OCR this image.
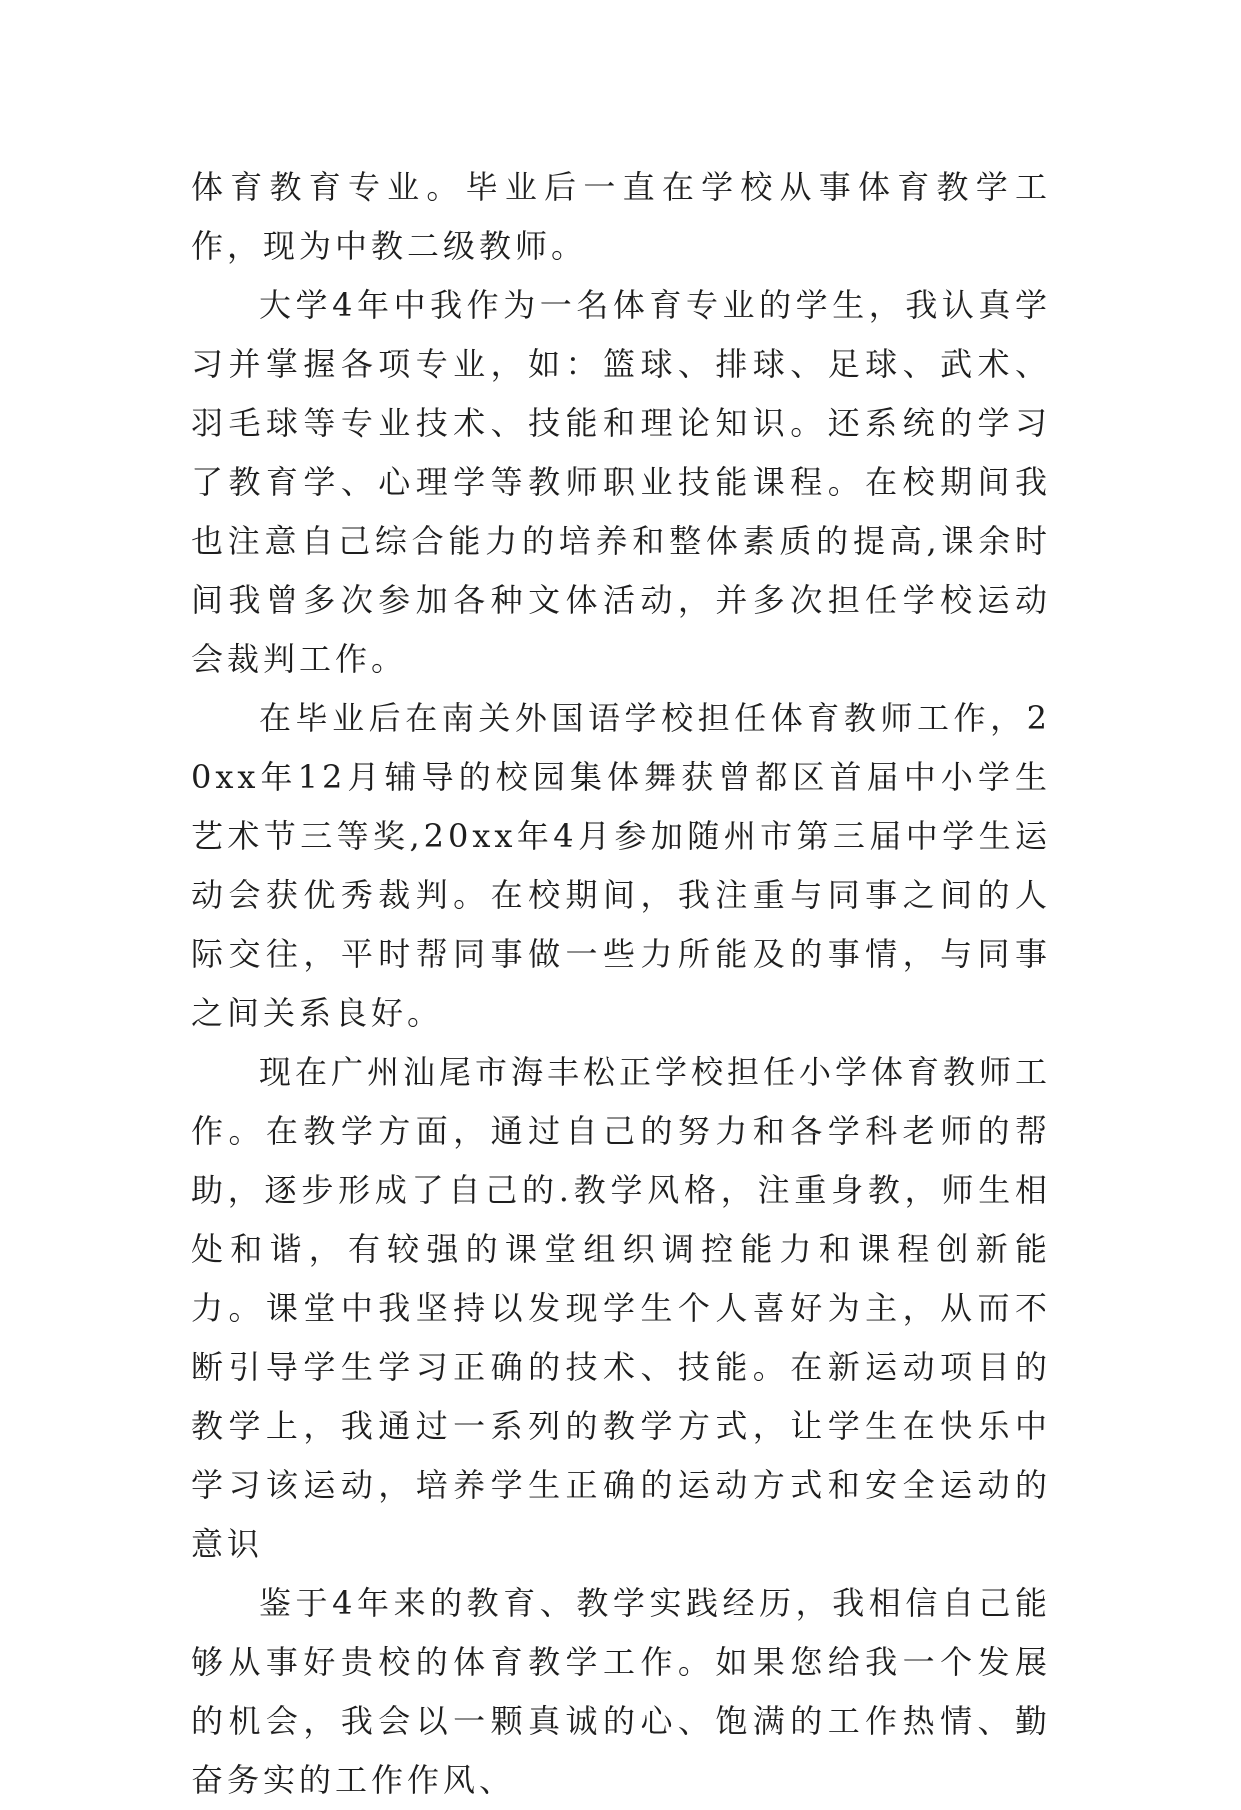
体育教育专业。毕业后一直在学校从事体育教学工作，现为中教二级教师。

大学4年中我作为一名体育专业的学生，我认真学习并掌握各项专业，如：篮球、排球、足球、武术、羽毛球等专业技术、技能和理论知识。还系统的学习了教育学、心理学等教师职业技能课程。在校期间我也注意自己综合能力的培养和整体素质的提高,课余时间我曾多次参加各种文体活动，并多次担任学校运动会裁判工作。

在毕业后在南关外国语学校担任体育教师工作，20xx年12月辅导的校园集体舞获曾都区首届中小学生艺术节三等奖,20xx年4月参加随州市第三届中学生运动会获优秀裁判。在校期间，我注重与同事之间的人际交往，平时帮同事做一些力所能及的事情，与同事之间关系良好。

现在广州汕尾市海丰松正学校担任小学体育教师工作。在教学方面，通过自己的努力和各学科老师的帮助，逐步形成了自己的.教学风格，注重身教，师生相处和谐，有较强的课堂组织调控能力和课程创新能力。课堂中我坚持以发现学生个人喜好为主，从而不断引导学生学习正确的技术、技能。在新运动项目的教学上，我通过一系列的教学方式，让学生在快乐中学习该运动，培养学生正确的运动方式和安全运动的意识

鉴于4年来的教育、教学实践经历，我相信自己能够从事好贵校的体育教学工作。如果您给我一个发展的机会，我会以一颗真诚的心、饱满的工作热情、勤奋务实的工作作风、
